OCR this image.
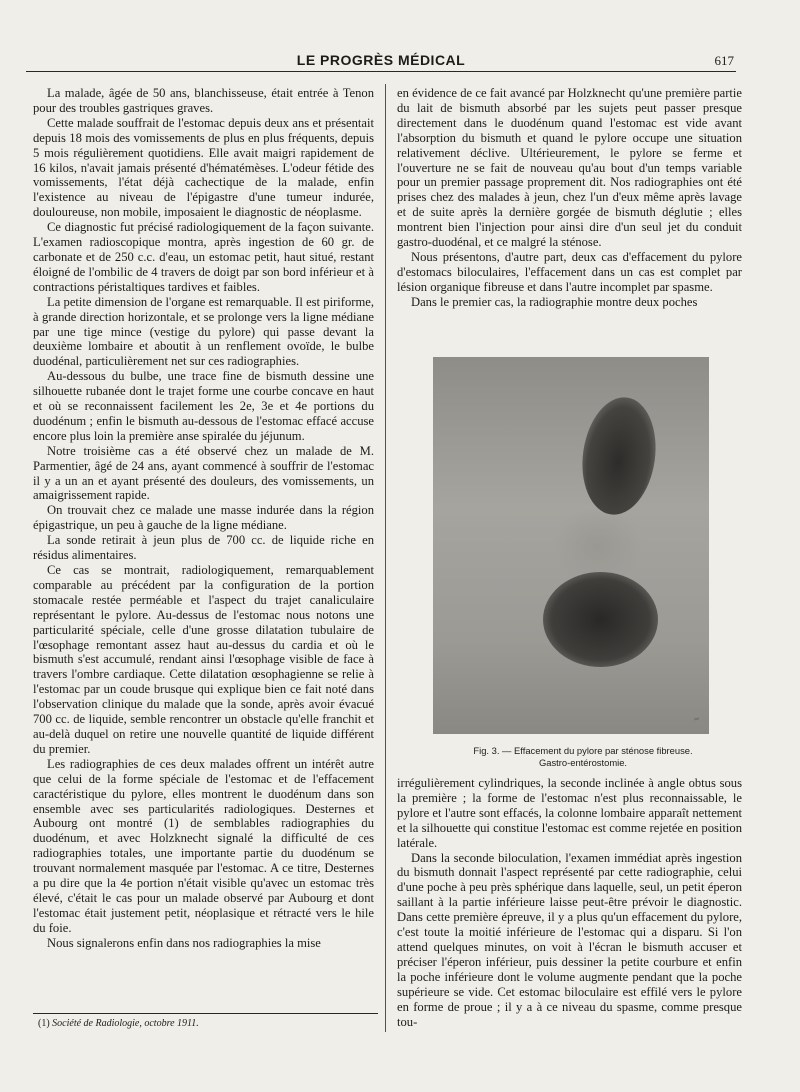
LE PROGRÈS MÉDICAL	617

La malade, âgée de 50 ans, blanchisseuse, était entrée à Tenon pour des troubles gastriques graves.

Cette malade souffrait de l'estomac depuis deux ans et présentait depuis 18 mois des vomissements de plus en plus fréquents, depuis 5 mois régulièrement quotidiens. Elle avait maigri rapidement de 16 kilos, n'avait jamais présenté d'hématémèses. L'odeur fétide des vomissements, l'état déjà cachectique de la malade, enfin l'existence au niveau de l'épigastre d'une tumeur indurée, douloureuse, non mobile, imposaient le diagnostic de néoplasme.

Ce diagnostic fut précisé radiologiquement de la façon suivante. L'examen radioscopique montra, après ingestion de 60 gr. de carbonate et de 250 c.c. d'eau, un estomac petit, haut situé, restant éloigné de l'ombilic de 4 travers de doigt par son bord inférieur et à contractions péristaltiques tardives et faibles.

La petite dimension de l'organe est remarquable. Il est piriforme, à grande direction horizontale, et se prolonge vers la ligne médiane par une tige mince (vestige du pylore) qui passe devant la deuxième lombaire et aboutit à un renflement ovoïde, le bulbe duodénal, particulièrement net sur ces radiographies.

Au-dessous du bulbe, une trace fine de bismuth dessine une silhouette rubanée dont le trajet forme une courbe concave en haut et où se reconnaissent facilement les 2e, 3e et 4e portions du duodénum ; enfin le bismuth au-dessous de l'estomac effacé accuse encore plus loin la première anse spiralée du jéjunum.

Notre troisième cas a été observé chez un malade de M. Parmentier, âgé de 24 ans, ayant commencé à souffrir de l'estomac il y a un an et ayant présenté des douleurs, des vomissements, un amaigrissement rapide.

On trouvait chez ce malade une masse indurée dans la région épigastrique, un peu à gauche de la ligne médiane.

La sonde retirait à jeun plus de 700 cc. de liquide riche en résidus alimentaires.

Ce cas se montrait, radiologiquement, remarquablement comparable au précédent par la configuration de la portion stomacale restée perméable et l'aspect du trajet canaliculaire représentant le pylore. Au-dessus de l'estomac nous notons une particularité spéciale, celle d'une grosse dilatation tubulaire de l'œsophage remontant assez haut au-dessus du cardia et où le bismuth s'est accumulé, rendant ainsi l'œsophage visible de face à travers l'ombre cardiaque. Cette dilatation œsophagienne se relie à l'estomac par un coude brusque qui explique bien ce fait noté dans l'observation clinique du malade que la sonde, après avoir évacué 700 cc. de liquide, semble rencontrer un obstacle qu'elle franchit et au-delà duquel on retire une nouvelle quantité de liquide différent du premier.

Les radiographies de ces deux malades offrent un intérêt autre que celui de la forme spéciale de l'estomac et de l'effacement caractéristique du pylore, elles montrent le duodénum dans son ensemble avec ses particularités radiologiques. Desternes et Aubourg ont montré (1) de semblables radiographies du duodénum, et avec Holzknecht signalé la difficulté de ces radiographies totales, une importante partie du duodénum se trouvant normalement masquée par l'estomac. A ce titre, Desternes a pu dire que la 4e portion n'était visible qu'avec un estomac très élevé, c'était le cas pour un malade observé par Aubourg et dont l'estomac était justement petit, néoplasique et rétracté vers le hile du foie.

Nous signalerons enfin dans nos radiographies la mise

en évidence de ce fait avancé par Holzknecht qu'une première partie du lait de bismuth absorbé par les sujets peut passer presque directement dans le duodénum quand l'estomac est vide avant l'absorption du bismuth et quand le pylore occupe une situation relativement déclive. Ultérieurement, le pylore se ferme et l'ouverture ne se fait de nouveau qu'au bout d'un temps variable pour un premier passage proprement dit. Nos radiographies ont été prises chez des malades à jeun, chez l'un d'eux même après lavage et de suite après la dernière gorgée de bismuth déglutie ; elles montrent bien l'injection pour ainsi dire d'un seul jet du conduit gastro-duodénal, et ce malgré la sténose.

Nous présentons, d'autre part, deux cas d'effacement du pylore d'estomacs biloculaires, l'effacement dans un cas est complet par lésion organique fibreuse et dans l'autre incomplet par spasme.

Dans le premier cas, la radiographie montre deux poches

~
Fig. 3. — Effacement du pylore par sténose fibreuse.
Gastro-entérostomie.

irrégulièrement cylindriques, la seconde inclinée à angle obtus sous la première ; la forme de l'estomac n'est plus reconnaissable, le pylore et l'autre sont effacés, la colonne lombaire apparaît nettement et la silhouette qui constitue l'estomac est comme rejetée en position latérale.

Dans la seconde biloculation, l'examen immédiat après ingestion du bismuth donnait l'aspect représenté par cette radiographie, celui d'une poche à peu près sphérique dans laquelle, seul, un petit éperon saillant à la partie inférieure laisse peut-être prévoir le diagnostic. Dans cette première épreuve, il y a plus qu'un effacement du pylore, c'est toute la moitié inférieure de l'estomac qui a disparu. Si l'on attend quelques minutes, on voit à l'écran le bismuth accuser et préciser l'éperon inférieur, puis dessiner la petite courbure et enfin la poche inférieure dont le volume augmente pendant que la poche supérieure se vide. Cet estomac biloculaire est effilé vers le pylore en forme de proue ; il y a à ce niveau du spasme, comme presque tou-

(1) Société de Radiologie, octobre 1911.
